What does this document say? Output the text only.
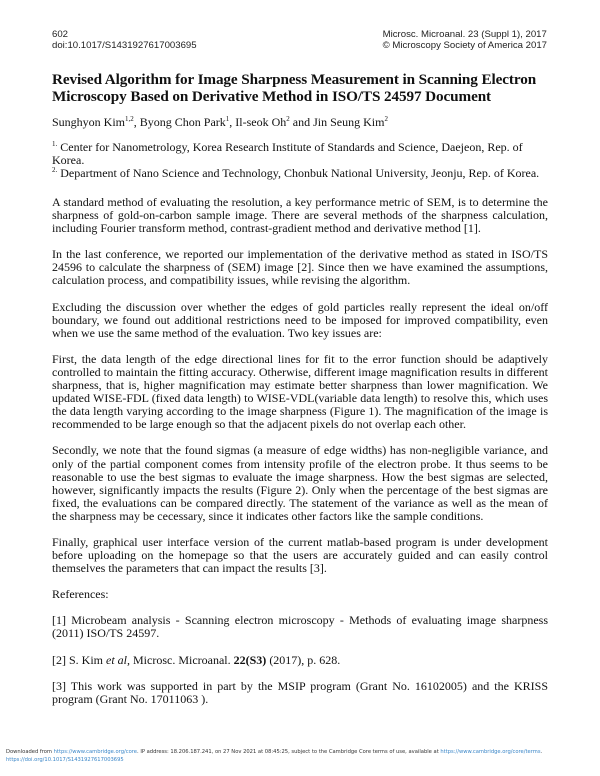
602
doi:10.1017/S1431927617003695
Microsc. Microanal. 23 (Suppl 1), 2017
© Microscopy Society of America 2017
Revised Algorithm for Image Sharpness Measurement in Scanning Electron
Microscopy Based on Derivative Method in ISO/TS 24597 Document
Sunghyon Kim$^{1,2}$, Byong Chon Park$^1$, Il-seok Oh$^2$ and Jin Seung Kim$^2$
$^{1.}$ Center for Nanometrology, Korea Research Institute of Standards and Science, Daejeon, Rep. of Korea.
$^{2.}$ Department of Nano Science and Technology, Chonbuk National University, Jeonju, Rep. of Korea.

A standard method of evaluating the resolution, a key performance metric of SEM, is to determine the sharpness of gold-on-carbon sample image. There are several methods of the sharpness calculation, including Fourier transform method, contrast-gradient method and derivative method [1].

In the last conference, we reported our implementation of the derivative method as stated in ISO/TS 24596 to calculate the sharpness of (SEM) image [2]. Since then we have examined the assumptions, calculation process, and compatibility issues, while revising the algorithm.

Excluding the discussion over whether the edges of gold particles really represent the ideal on/off boundary, we found out additional restrictions need to be imposed for improved compatibility, even when we use the same method of the evaluation. Two key issues are:

First, the data length of the edge directional lines for fit to the error function should be adaptively controlled to maintain the fitting accuracy. Otherwise, different image magnification results in different sharpness, that is, higher magnification may estimate better sharpness than lower magnification. We updated WISE-FDL (fixed data length) to WISE-VDL(variable data length) to resolve this, which uses the data length varying according to the image sharpness (Figure 1). The magnification of the image is recommended to be large enough so that the adjacent pixels do not overlap each other.

Secondly, we note that the found sigmas (a measure of edge widths) has non-negligible variance, and only of the partial component comes from intensity profile of the electron probe. It thus seems to be reasonable to use the best sigmas to evaluate the image sharpness. How the best sigmas are selected, however, significantly impacts the results (Figure 2). Only when the percentage of the best sigmas are fixed, the evaluations can be compared directly. The statement of the variance as well as the mean of the sharpness may be cecessary, since it indicates other factors like the sample conditions.

Finally, graphical user interface version of the current matlab-based program is under development before uploading on the homepage so that the users are accurately guided and can easily control themselves the parameters that can impact the results [3].

References:

[1] Microbeam analysis - Scanning electron microscopy - Methods of evaluating image sharpness (2011) ISO/TS 24597.

[2] S. Kim et al, Microsc. Microanal. 22(S3) (2017), p. 628.

[3] This work was supported in part by the MSIP program (Grant No. 16102005) and the KRISS program (Grant No. 17011063 ).

Downloaded from https://www.cambridge.org/core. IP address: 18.206.187.241, on 27 Nov 2021 at 08:45:25, subject to the Cambridge Core terms of use, available at https://www.cambridge.org/core/terms.
https://doi.org/10.1017/S1431927617003695
